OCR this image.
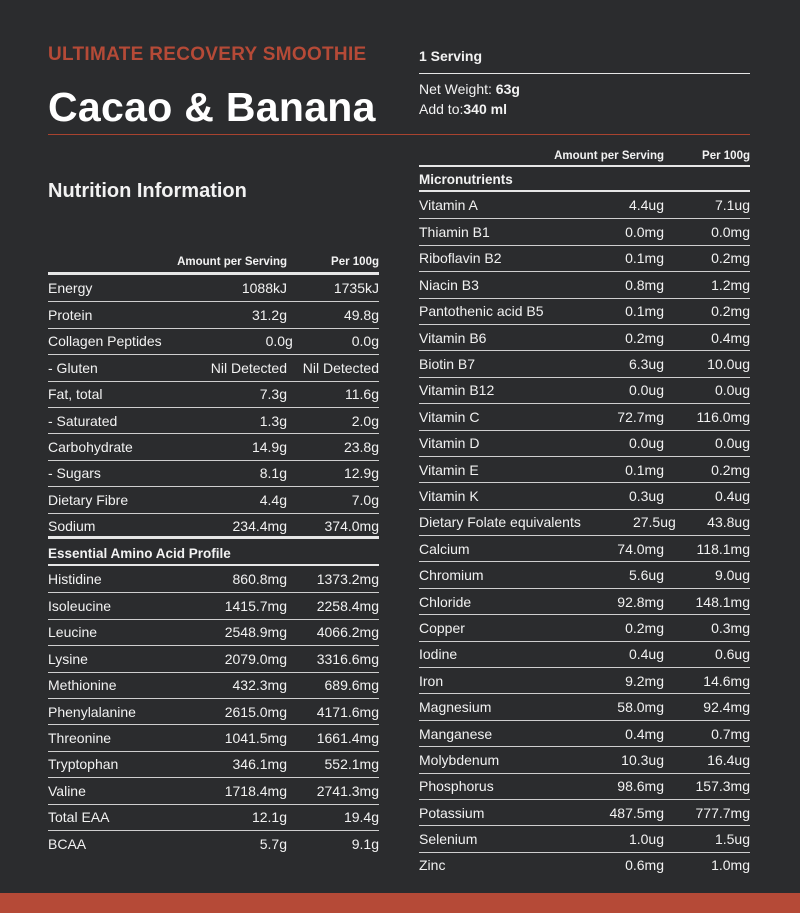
ULTIMATE RECOVERY SMOOTHIE
Cacao & Banana
1 Serving
Net Weight: 63g
Add to:340 ml
Nutrition Information
Amount per Serving	Per 100g
Energy	1088kJ	1735kJ
Protein	31.2g	49.8g
Collagen Peptides	0.0g	0.0g
- Gluten	Nil Detected	Nil Detected
Fat, total	7.3g	11.6g
- Saturated	1.3g	2.0g
Carbohydrate	14.9g	23.8g
- Sugars	8.1g	12.9g
Dietary Fibre	4.4g	7.0g
Sodium	234.4mg	374.0mg
Essential Amino Acid Profile
Histidine	860.8mg	1373.2mg
Isoleucine	1415.7mg	2258.4mg
Leucine	2548.9mg	4066.2mg
Lysine	2079.0mg	3316.6mg
Methionine	432.3mg	689.6mg
Phenylalanine	2615.0mg	4171.6mg
Threonine	1041.5mg	1661.4mg
Tryptophan	346.1mg	552.1mg
Valine	1718.4mg	2741.3mg
Total EAA	12.1g	19.4g
BCAA	5.7g	9.1g
Amount per Serving	Per 100g
Micronutrients
Vitamin A	4.4ug	7.1ug
Thiamin B1	0.0mg	0.0mg
Riboflavin B2	0.1mg	0.2mg
Niacin B3	0.8mg	1.2mg
Pantothenic acid B5	0.1mg	0.2mg
Vitamin B6	0.2mg	0.4mg
Biotin B7	6.3ug	10.0ug
Vitamin B12	0.0ug	0.0ug
Vitamin C	72.7mg	116.0mg
Vitamin D	0.0ug	0.0ug
Vitamin E	0.1mg	0.2mg
Vitamin K	0.3ug	0.4ug
Dietary Folate equivalents	27.5ug	43.8ug
Calcium	74.0mg	118.1mg
Chromium	5.6ug	9.0ug
Chloride	92.8mg	148.1mg
Copper	0.2mg	0.3mg
Iodine	0.4ug	0.6ug
Iron	9.2mg	14.6mg
Magnesium	58.0mg	92.4mg
Manganese	0.4mg	0.7mg
Molybdenum	10.3ug	16.4ug
Phosphorus	98.6mg	157.3mg
Potassium	487.5mg	777.7mg
Selenium	1.0ug	1.5ug
Zinc	0.6mg	1.0mg
